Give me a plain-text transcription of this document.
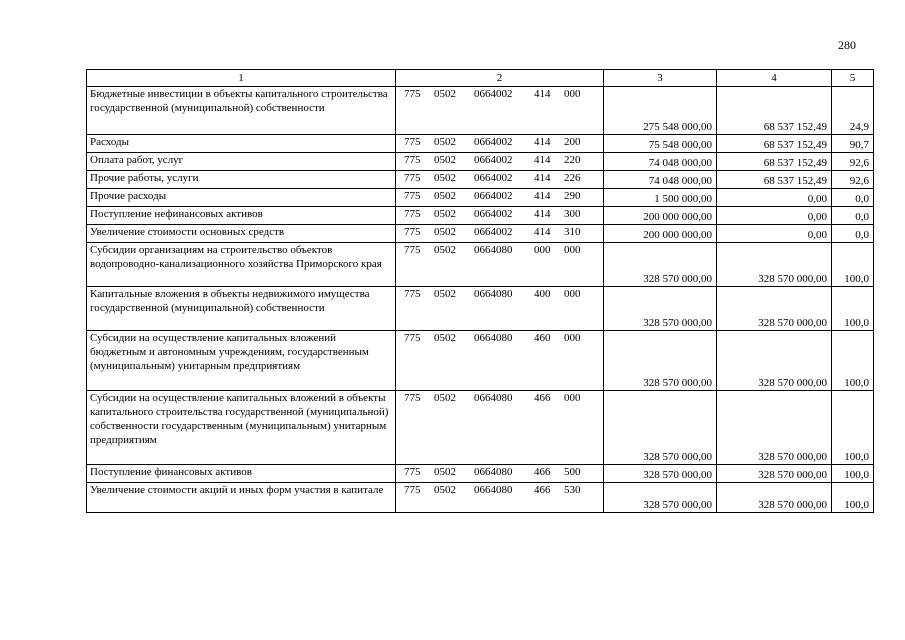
280
1	2	3	4	5
Бюджетные инвестиции в объекты капитального строительства государственной (муниципальной) собственности	775 0502 0664002 414 000	275 548 000,00	68 537 152,49	24,9
Расходы	775 0502 0664002 414 200	75 548 000,00	68 537 152,49	90,7
Оплата работ, услуг	775 0502 0664002 414 220	74 048 000,00	68 537 152,49	92,6
Прочие работы, услуги	775 0502 0664002 414 226	74 048 000,00	68 537 152,49	92,6
Прочие расходы	775 0502 0664002 414 290	1 500 000,00	0,00	0,0
Поступление нефинансовых активов	775 0502 0664002 414 300	200 000 000,00	0,00	0,0
Увеличение стоимости основных средств	775 0502 0664002 414 310	200 000 000,00	0,00	0,0
Субсидии организациям на строительство объектов водопроводно-канализационного хозяйства Приморского края	775 0502 0664080 000 000	328 570 000,00	328 570 000,00	100,0
Капитальные вложения в объекты недвижимого имущества государственной (муниципальной) собственности	775 0502 0664080 400 000	328 570 000,00	328 570 000,00	100,0
Субсидии на осуществление капитальных вложений бюджетным и автономным учреждениям, государственным (муниципальным) унитарным предприятиям	775 0502 0664080 460 000	328 570 000,00	328 570 000,00	100,0
Субсидии на осуществление капитальных вложений в объекты капитального строительства государственной (муниципальной) собственности государственным (муниципальным) унитарным предприятиям	775 0502 0664080 466 000	328 570 000,00	328 570 000,00	100,0
Поступление финансовых активов	775 0502 0664080 466 500	328 570 000,00	328 570 000,00	100,0
Увеличение стоимости акций и иных форм участия в капитале	775 0502 0664080 466 530	328 570 000,00	328 570 000,00	100,0
